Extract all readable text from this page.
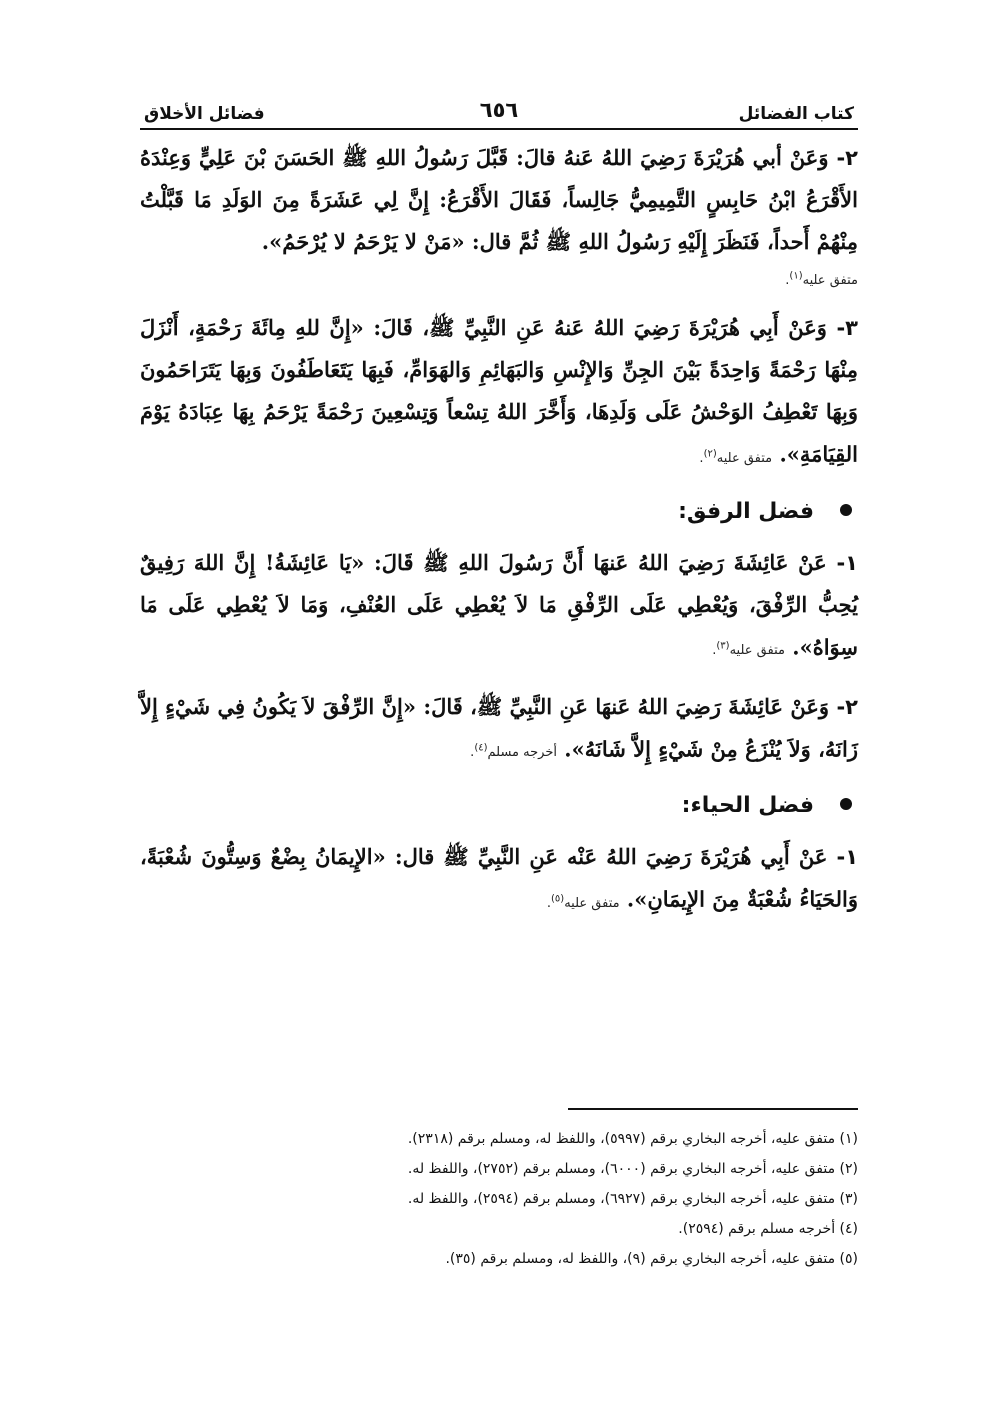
كتاب الفضائل
٦٥٦
فضائل الأخلاق

٢- وَعَنْ أبي هُرَيْرَةَ رَضِيَ اللهُ عَنهُ قالَ: قَبَّلَ رَسُولُ اللهِ ﷺ الحَسَنَ بْنَ عَلِيٍّ وَعِنْدَهُ الأَقْرَعُ ابْنُ حَابِسٍ التَّمِيمِيُّ جَالِساً، فَقَالَ الأَقْرَعُ: إِنَّ لِي عَشَرَةً مِنَ الوَلَدِ مَا قَبَّلْتُ مِنْهُمْ أَحداً، فَنَظَرَ إِلَيْهِ رَسُولُ اللهِ ﷺ ثُمَّ قال: «مَنْ لا يَرْحَمُ لا يُرْحَمُ».

متفق عليه$^{(١)}$.

٣- وَعَنْ أَبِي هُرَيْرَةَ رَضِيَ اللهُ عَنهُ عَنِ النَّبِيِّ ﷺ، قَالَ: «إِنَّ للهِ مِائَةَ رَحْمَةٍ، أَنْزَلَ مِنْهَا رَحْمَةً وَاحِدَةً بَيْنَ الجِنِّ وَالإِنْسِ وَالبَهَائِمِ وَالهَوَامِّ، فَبِهَا يَتَعَاطَفُونَ وَبِهَا يَتَرَاحَمُونَ وَبِهَا تَعْطِفُ الوَحْشُ عَلَى وَلَدِهَا، وَأَخَّرَ اللهُ تِسْعاً وَتِسْعِينَ رَحْمَةً يَرْحَمُ بِهَا عِبَادَهُ يَوْمَ القِيَامَةِ». متفق عليه$^{(٢)}$.

فضل الرفق:

١- عَنْ عَائِشَةَ رَضِيَ اللهُ عَنهَا أَنَّ رَسُولَ اللهِ ﷺ قَالَ: «يَا عَائِشَةُ! إِنَّ اللهَ رَفِيقٌ يُحِبُّ الرِّفْقَ، وَيُعْطِي عَلَى الرِّفْقِ مَا لاَ يُعْطِي عَلَى العُنْفِ، وَمَا لاَ يُعْطِي عَلَى مَا سِوَاهُ». متفق عليه$^{(٣)}$.

٢- وَعَنْ عَائِشَةَ رَضِيَ اللهُ عَنهَا عَنِ النَّبِيِّ ﷺ، قَالَ: «إِنَّ الرِّفْقَ لاَ يَكُونُ فِي شَيْءٍ إِلاَّ زَانَهُ، وَلاَ يُنْزَعُ مِنْ شَيْءٍ إِلاَّ شَانَهُ». أخرجه مسلم$^{(٤)}$.

فضل الحياء:

١- عَنْ أَبِي هُرَيْرَةَ رَضِيَ اللهُ عَنْه عَنِ النَّبِيِّ ﷺ قال: «الإِيمَانُ بِضْعٌ وَسِتُّونَ شُعْبَةً، وَالحَيَاءُ شُعْبَةٌ مِنَ الإِيمَانِ». متفق عليه$^{(٥)}$.

(١) متفق عليه، أخرجه البخاري برقم (٥٩٩٧)، واللفظ له، ومسلم برقم (٢٣١٨).
(٢) متفق عليه، أخرجه البخاري برقم (٦٠٠٠)، ومسلم برقم (٢٧٥٢)، واللفظ له.
(٣) متفق عليه، أخرجه البخاري برقم (٦٩٢٧)، ومسلم برقم (٢٥٩٤)، واللفظ له.
(٤) أخرجه مسلم برقم (٢٥٩٤).
(٥) متفق عليه، أخرجه البخاري برقم (٩)، واللفظ له، ومسلم برقم (٣٥).
